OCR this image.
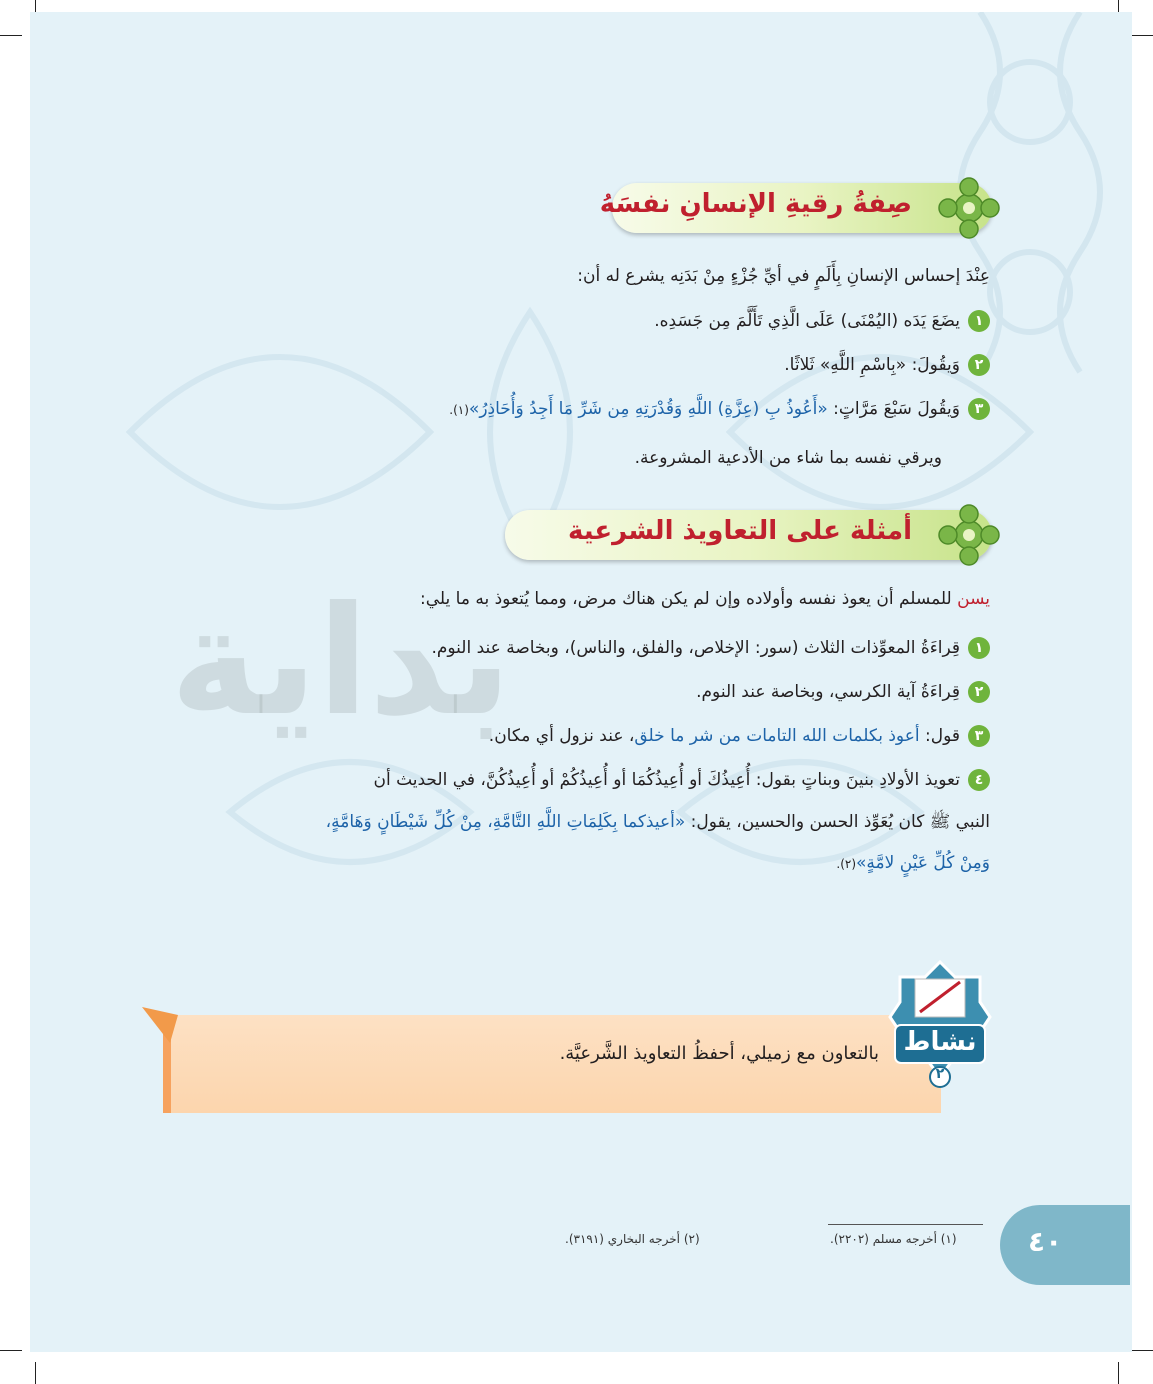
بداية
صِفةُ رقيةِ الإنسانِ نفسَهُ
عِنْدَ إحساس الإنسانِ بِأَلَمٍ في أيِّ جُزْءٍ مِنْ بَدَنِه يشرع له أن:
١يضَعَ يَدَه (اليُمْنَى) عَلَى الَّذِي تَأَلَّمَ مِن جَسَدِه.
٢وَيقُولَ: «بِاسْمِ اللَّهِ» ثَلاثًا.
٣وَيقُولَ سَبْعَ مَرَّاتٍ: «أَعُوذُ بِ (عِزَّةِ) اللَّهِ وَقُدْرَتِهِ مِن شَرِّ مَا أَجِدُ وَأُحَاذِرُ»(١).
ويرقي نفسه بما شاء من الأدعية المشروعة.
أمثلة على التعاويذ الشرعية
يسن للمسلم أن يعوذ نفسه وأولاده وإن لم يكن هناك مرض، ومما يُتعوذ به ما يلي:
١قِراءَةُ المعوِّذات الثلاث (سور: الإخلاص، والفلق، والناس)، وبخاصة عند النوم.
٢قِراءَةُ آية الكرسي، وبخاصة عند النوم.
٣قول: أعوذ بكلمات الله التامات من شر ما خلق، عند نزول أي مكان.
٤تعويذ الأولادِ بنينَ وبناتٍ بقول: أُعِيذُكَ أو أُعِيذُكُمَا أو أُعِيذُكُمْ أو أُعِيذُكُنَّ، في الحديث أن
النبي ﷺ كان يُعَوِّذ الحسن والحسين، يقول: «أعيذكما بِكَلِمَاتِ اللَّهِ التَّامَّةِ، مِنْ كُلِّ شَيْطَانٍ وَهَامَّةٍ،
وَمِنْ كُلِّ عَيْنٍ لامَّةٍ»(٢).
بالتعاون مع زميلي، أحفظُ التعاويذ الشَّرعيَّة. نشاط
٢
(١) أخرجه مسلم (٢٢٠٢).
(٢) أخرجه البخاري (٣١٩١).	٤٠
